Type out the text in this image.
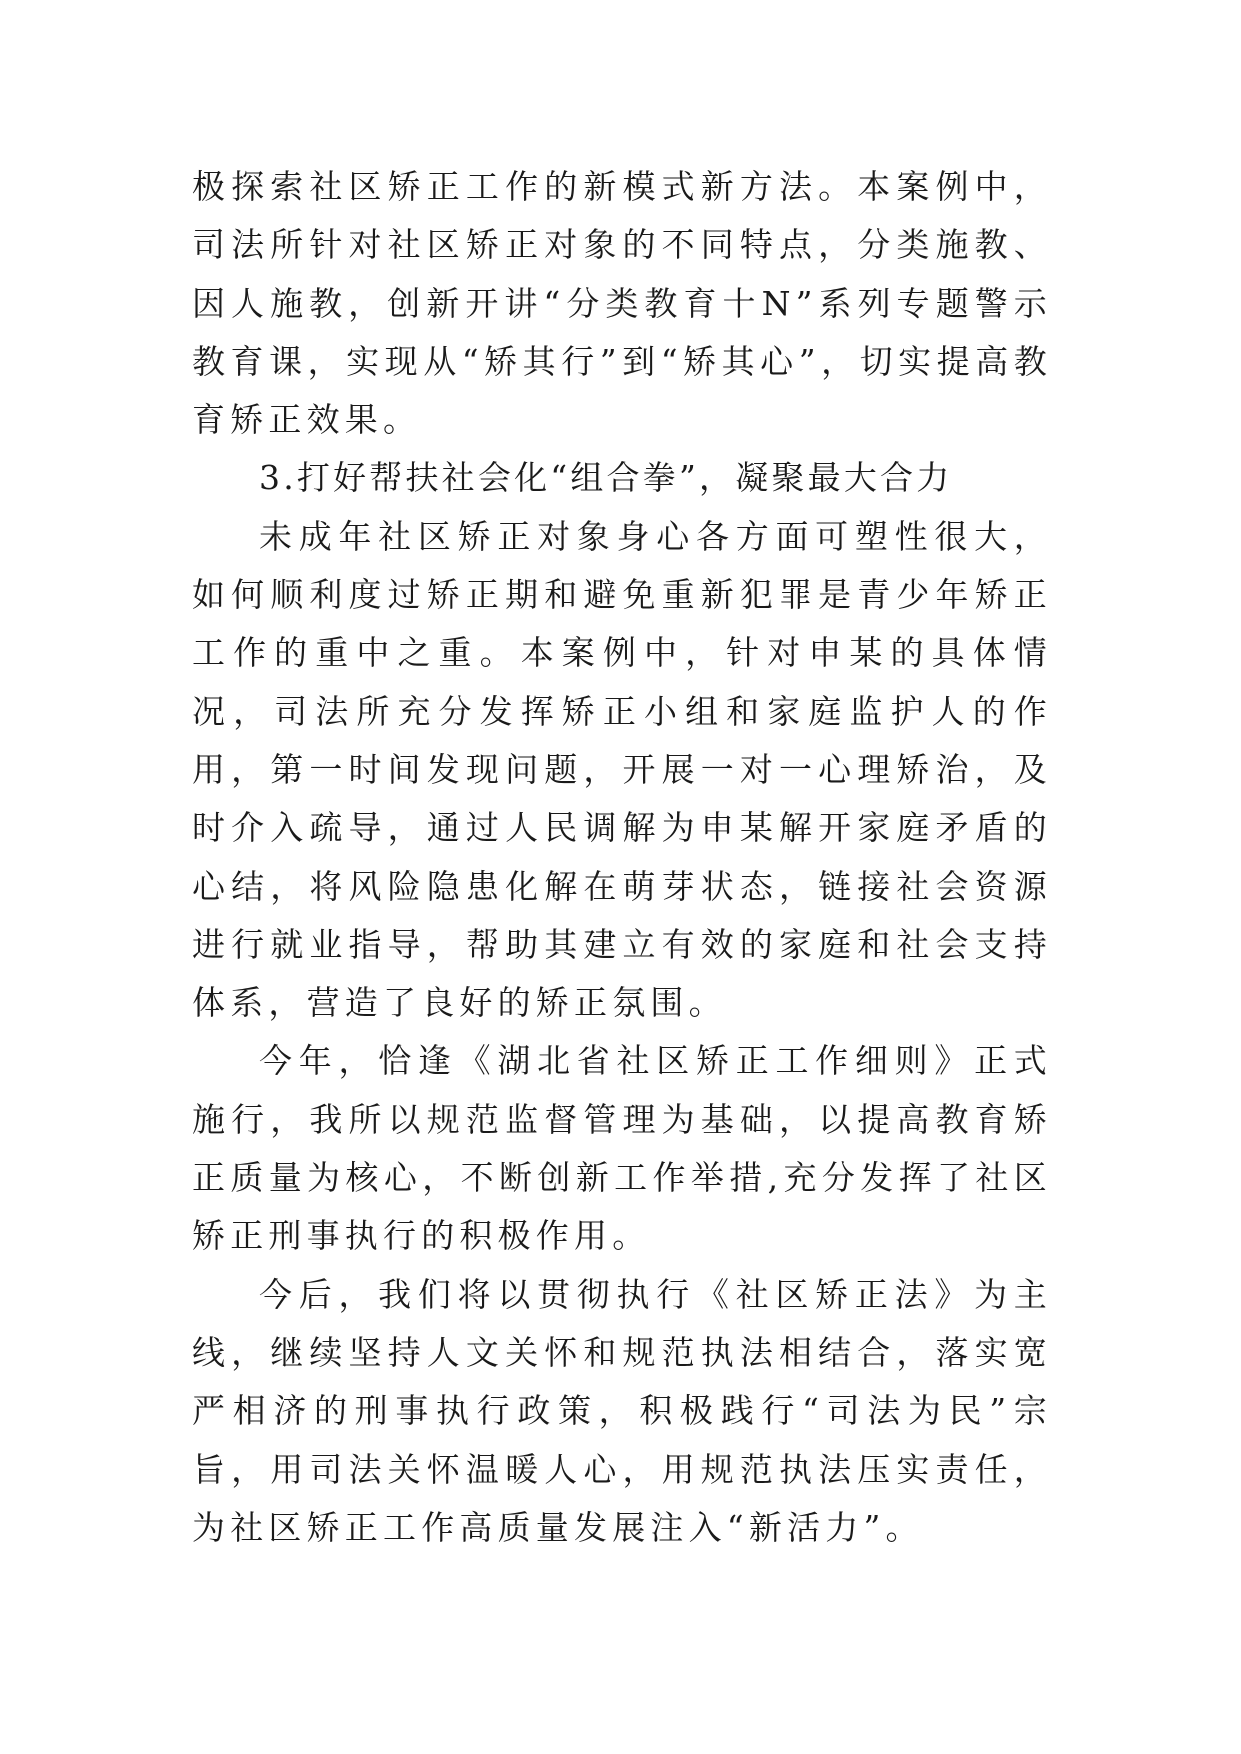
极探索社区矫正工作的新模式新方法。本案例中，司法所针对社区矫正对象的不同特点，分类施教、因人施教，创新开讲“分类教育十N”系列专题警示教育课，实现从“矫其行”到“矫其心”，切实提高教育矫正效果。

3.打好帮扶社会化“组合拳”，凝聚最大合力

未成年社区矫正对象身心各方面可塑性很大，如何顺利度过矫正期和避免重新犯罪是青少年矫正工作的重中之重。本案例中，针对申某的具体情况，司法所充分发挥矫正小组和家庭监护人的作用，第一时间发现问题，开展一对一心理矫治，及时介入疏导，通过人民调解为申某解开家庭矛盾的心结，将风险隐患化解在萌芽状态，链接社会资源进行就业指导，帮助其建立有效的家庭和社会支持体系，营造了良好的矫正氛围。

今年，恰逢《湖北省社区矫正工作细则》正式施行，我所以规范监督管理为基础，以提高教育矫正质量为核心，不断创新工作举措,充分发挥了社区矫正刑事执行的积极作用。

今后，我们将以贯彻执行《社区矫正法》为主线，继续坚持人文关怀和规范执法相结合，落实宽严相济的刑事执行政策，积极践行“司法为民”宗旨，用司法关怀温暖人心，用规范执法压实责任，为社区矫正工作高质量发展注入“新活力”。
